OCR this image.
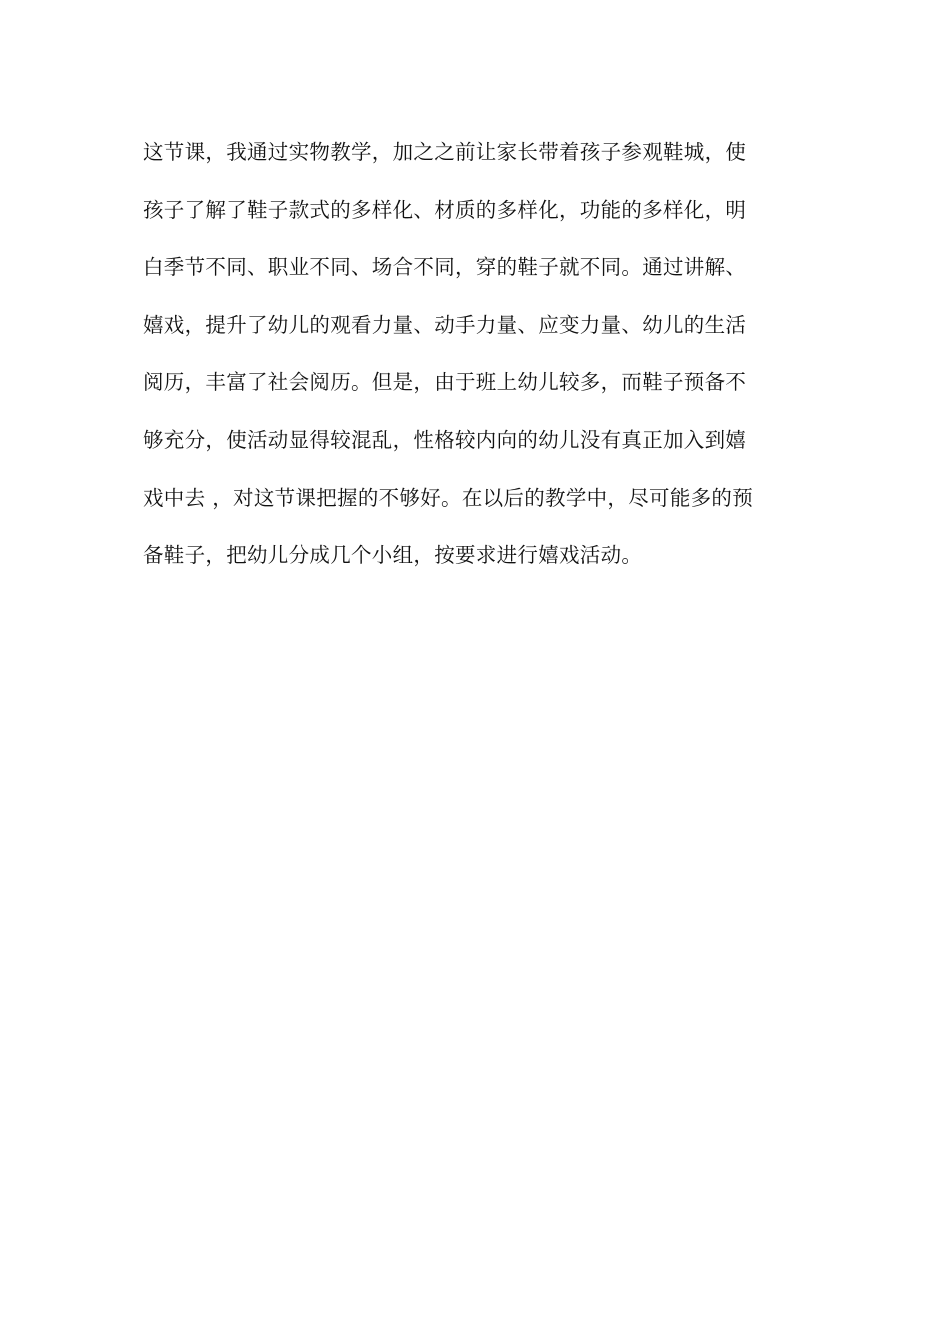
这节课，我通过实物教学，加之之前让家长带着孩子参观鞋城，使
孩子了解了鞋子款式的多样化、材质的多样化，功能的多样化，明
白季节不同、职业不同、场合不同，穿的鞋子就不同。通过讲解、
嬉戏，提升了幼儿的观看力量、动手力量、应变力量、幼儿的生活
阅历，丰富了社会阅历。但是，由于班上幼儿较多，而鞋子预备不
够充分，使活动显得较混乱，性格较内向的幼儿没有真正加入到嬉
戏中去 ，对这节课把握的不够好。在以后的教学中，尽可能多的预
备鞋子，把幼儿分成几个小组，按要求进行嬉戏活动。
